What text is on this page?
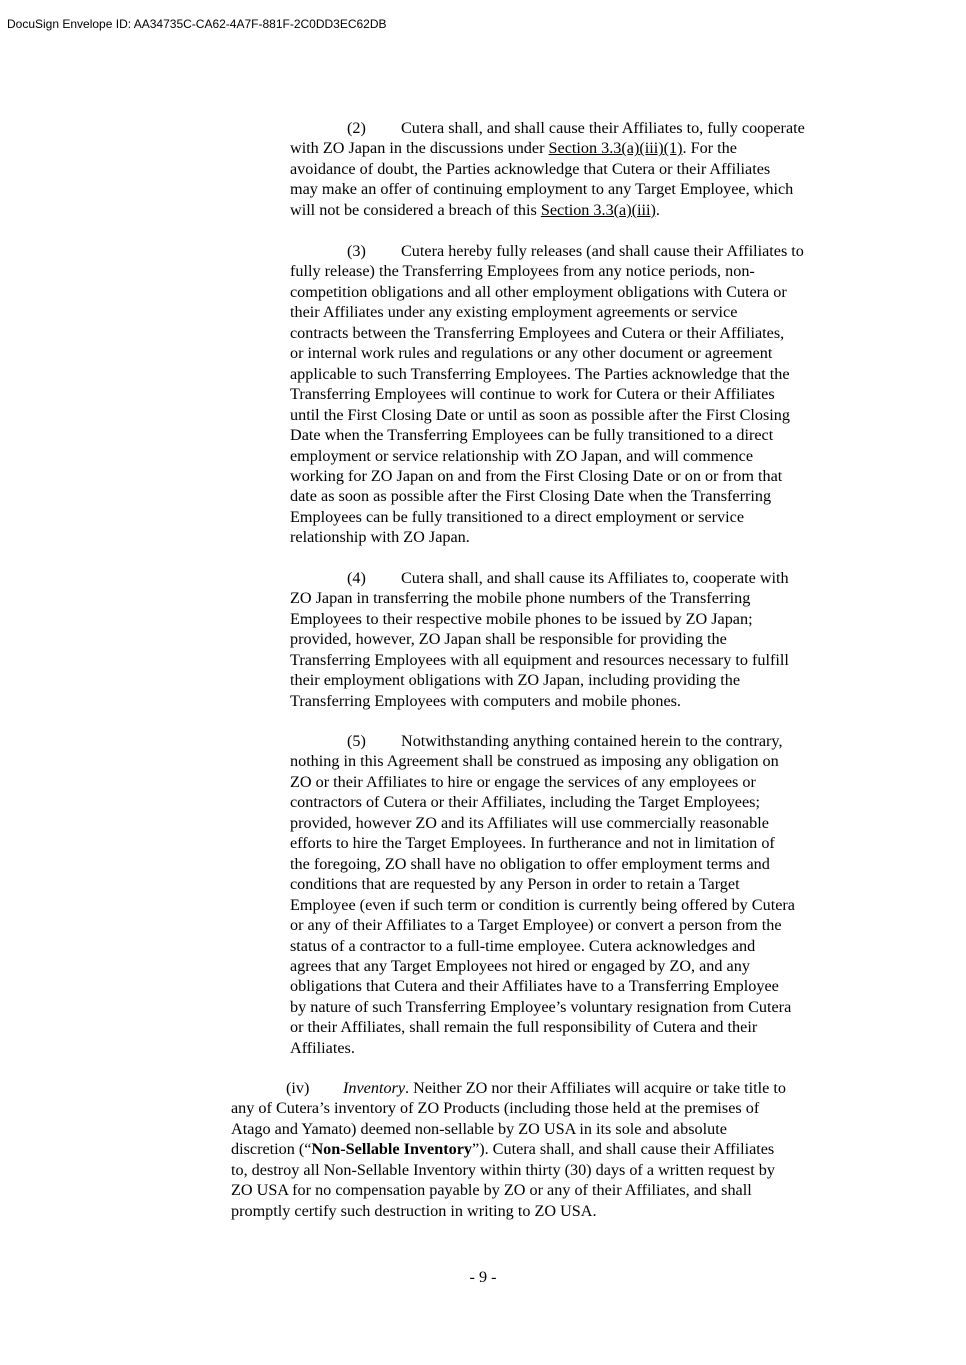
DocuSign Envelope ID: AA34735C-CA62-4A7F-881F-2C0DD3EC62DB
(2) Cutera shall, and shall cause their Affiliates to, fully cooperate
with ZO Japan in the discussions under Section 3.3(a)(iii)(1). For the
avoidance of doubt, the Parties acknowledge that Cutera or their Affiliates
may make an offer of continuing employment to any Target Employee, which
will not be considered a breach of this Section 3.3(a)(iii).
(3) Cutera hereby fully releases (and shall cause their Affiliates to
fully release) the Transferring Employees from any notice periods, non-
competition obligations and all other employment obligations with Cutera or
their Affiliates under any existing employment agreements or service
contracts between the Transferring Employees and Cutera or their Affiliates,
or internal work rules and regulations or any other document or agreement
applicable to such Transferring Employees. The Parties acknowledge that the
Transferring Employees will continue to work for Cutera or their Affiliates
until the First Closing Date or until as soon as possible after the First Closing
Date when the Transferring Employees can be fully transitioned to a direct
employment or service relationship with ZO Japan, and will commence
working for ZO Japan on and from the First Closing Date or on or from that
date as soon as possible after the First Closing Date when the Transferring
Employees can be fully transitioned to a direct employment or service
relationship with ZO Japan.
(4) Cutera shall, and shall cause its Affiliates to, cooperate with
ZO Japan in transferring the mobile phone numbers of the Transferring
Employees to their respective mobile phones to be issued by ZO Japan;
provided, however, ZO Japan shall be responsible for providing the
Transferring Employees with all equipment and resources necessary to fulfill
their employment obligations with ZO Japan, including providing the
Transferring Employees with computers and mobile phones.
(5) Notwithstanding anything contained herein to the contrary,
nothing in this Agreement shall be construed as imposing any obligation on
ZO or their Affiliates to hire or engage the services of any employees or
contractors of Cutera or their Affiliates, including the Target Employees;
provided, however ZO and its Affiliates will use commercially reasonable
efforts to hire the Target Employees. In furtherance and not in limitation of
the foregoing, ZO shall have no obligation to offer employment terms and
conditions that are requested by any Person in order to retain a Target
Employee (even if such term or condition is currently being offered by Cutera
or any of their Affiliates to a Target Employee) or convert a person from the
status of a contractor to a full-time employee. Cutera acknowledges and
agrees that any Target Employees not hired or engaged by ZO, and any
obligations that Cutera and their Affiliates have to a Transferring Employee
by nature of such Transferring Employee’s voluntary resignation from Cutera
or their Affiliates, shall remain the full responsibility of Cutera and their
Affiliates.
(iv) Inventory. Neither ZO nor their Affiliates will acquire or take title to
any of Cutera’s inventory of ZO Products (including those held at the premises of
Atago and Yamato) deemed non-sellable by ZO USA in its sole and absolute
discretion (“Non-Sellable Inventory”). Cutera shall, and shall cause their Affiliates
to, destroy all Non-Sellable Inventory within thirty (30) days of a written request by
ZO USA for no compensation payable by ZO or any of their Affiliates, and shall
promptly certify such destruction in writing to ZO USA.
- 9 -
